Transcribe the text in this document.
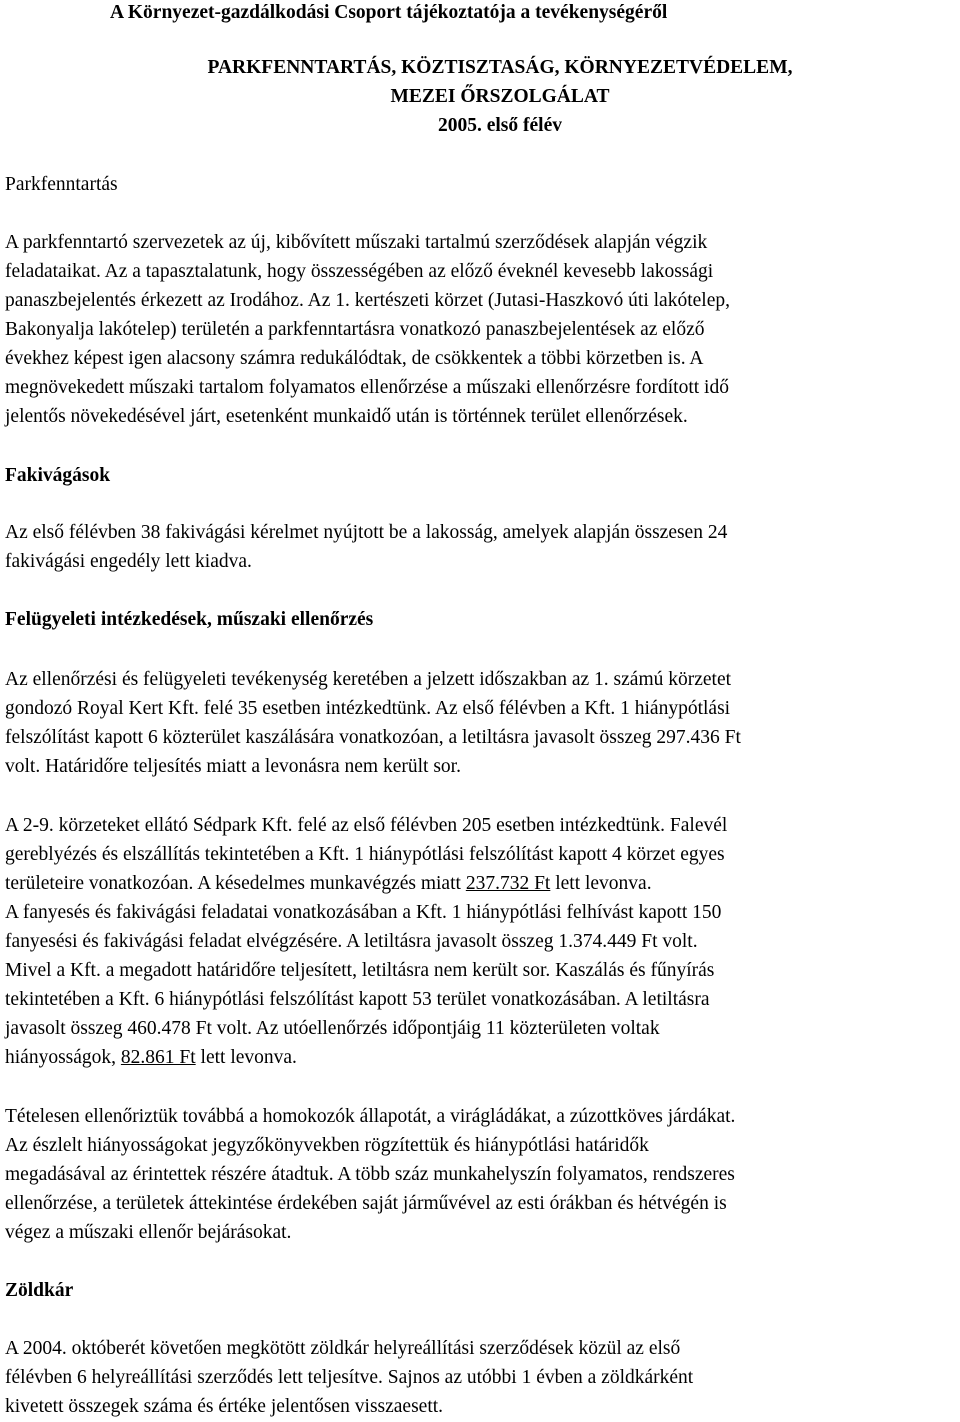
A Környezet-gazdálkodási Csoport tájékoztatója a tevékenységéről
PARKFENNTARTÁS, KÖZTISZTASÁG, KÖRNYEZETVÉDELEM,
MEZEI ŐRSZOLGÁLAT
2005. első félév
Parkfenntartás
A parkfenntartó szervezetek az új, kibővített műszaki tartalmú szerződések alapján végzik
feladataikat. Az a tapasztalatunk, hogy összességében az előző éveknél kevesebb lakossági
panaszbejelentés érkezett az Irodához. Az 1. kertészeti körzet (Jutasi-Haszkovó úti lakótelep,
Bakonyalja lakótelep) területén a parkfenntartásra vonatkozó panaszbejelentések az előző
évekhez képest igen alacsony számra redukálódtak, de csökkentek a többi körzetben is. A
megnövekedett műszaki tartalom folyamatos ellenőrzése a műszaki ellenőrzésre fordított idő
jelentős növekedésével járt, esetenként munkaidő után is történnek terület ellenőrzések.
Fakivágások
Az első félévben 38 fakivágási kérelmet nyújtott be a lakosság, amelyek alapján összesen 24
fakivágási engedély lett kiadva.
Felügyeleti intézkedések, műszaki ellenőrzés
Az ellenőrzési és felügyeleti tevékenység keretében a jelzett időszakban az 1. számú körzetet
gondozó Royal Kert Kft. felé 35 esetben intézkedtünk. Az első félévben a Kft. 1 hiánypótlási
felszólítást kapott 6 közterület kaszálására vonatkozóan, a letiltásra javasolt összeg 297.436 Ft
volt. Határidőre teljesítés miatt a levonásra nem került sor.
A 2-9. körzeteket ellátó Sédpark Kft. felé az első félévben 205 esetben intézkedtünk. Falevél
gereblyézés és elszállítás tekintetében a Kft. 1 hiánypótlási felszólítást kapott 4 körzet egyes
területeire vonatkozóan. A késedelmes munkavégzés miatt 237.732 Ft lett levonva.
A fanyesés és fakivágási feladatai vonatkozásában a Kft. 1 hiánypótlási felhívást kapott 150
fanyesési és fakivágási feladat elvégzésére. A letiltásra javasolt összeg 1.374.449 Ft volt.
Mivel a Kft. a megadott határidőre teljesített, letiltásra nem került sor. Kaszálás és fűnyírás
tekintetében a Kft. 6 hiánypótlási felszólítást kapott 53 terület vonatkozásában. A letiltásra
javasolt összeg 460.478 Ft volt. Az utóellenőrzés időpontjáig 11 közterületen voltak
hiányosságok, 82.861 Ft lett levonva.
Tételesen ellenőriztük továbbá a homokozók állapotát, a virágládákat, a zúzottköves járdákat.
Az észlelt hiányosságokat jegyzőkönyvekben rögzítettük és hiánypótlási határidők
megadásával az érintettek részére átadtuk. A több száz munkahelyszín folyamatos, rendszeres
ellenőrzése, a területek áttekintése érdekében saját járművével az esti órákban és hétvégén is
végez a műszaki ellenőr bejárásokat.
Zöldkár
A 2004. októberét követően megkötött zöldkár helyreállítási szerződések közül az első
félévben 6 helyreállítási szerződés lett teljesítve. Sajnos az utóbbi 1 évben a zöldkárként
kivetett összegek száma és értéke jelentősen visszaesett.
